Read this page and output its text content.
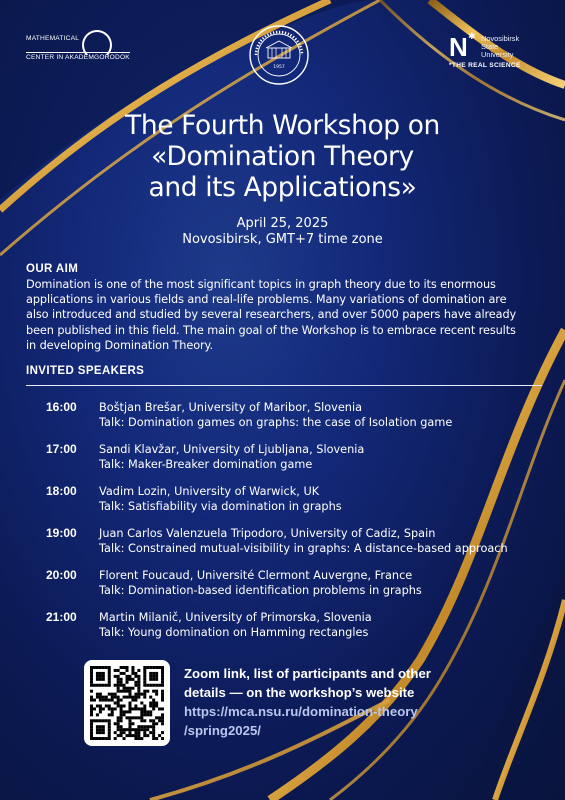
MATHEMATICAL
CENTER IN AKADEMGORODOK
1957
N ✱ Novosibirsk
State
University
*THE REAL SCIENCE
The Fourth Workshop on
«Domination Theory
and its Applications»
April 25, 2025
Novosibirsk, GMT+7 time zone
OUR AIM
Domination is one of the most significant topics in graph theory due to its enormous
applications in various fields and real-life problems. Many variations of domination are
also introduced and studied by several researchers, and over 5000 papers have already
been published in this field. The main goal of the Workshop is to embrace recent results
in developing Domination Theory.
INVITED SPEAKERS
16:00 Boštjan Brešar, University of Maribor, Slovenia
Talk: Domination games on graphs: the case of Isolation game
17:00 Sandi Klavžar, University of Ljubljana, Slovenia
Talk: Maker-Breaker domination game
18:00 Vadim Lozin, University of Warwick, UK
Talk: Satisfiability via domination in graphs
19:00 Juan Carlos Valenzuela Tripodoro, University of Cadiz, Spain
Talk: Constrained mutual-visibility in graphs: A distance-based approach
20:00 Florent Foucaud, Université Clermont Auvergne, France
Talk: Domination-based identification problems in graphs
21:00 Martin Milanič, University of Primorska, Slovenia
Talk: Young domination on Hamming rectangles
Zoom link, list of participants and other
details — on the workshop’s website
https://mca.nsu.ru/domination-theory
/spring2025/
